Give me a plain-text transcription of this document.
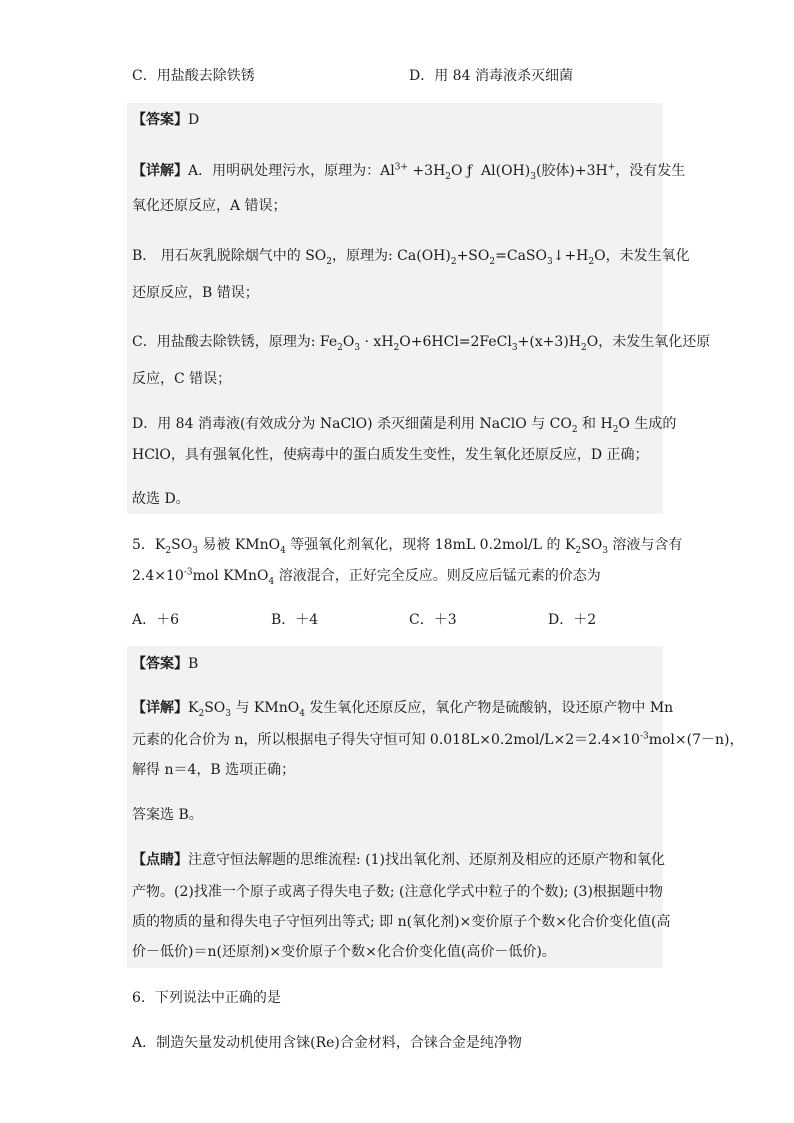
C．用盐酸去除铁锈	D．用 84 消毒液杀灭细菌
【答案】D
【详解】A．用明矾处理污水，原理为：$Al^{3+} +3H_2O$ ƒ  $Al(OH)_3$(胶体)+3H+，没有发生
氧化还原反应，A 错误；
B． 用石灰乳脱除烟气中的 $SO_2$，原理为: $Ca(OH)_2+SO_2=CaSO_3↓+H_2O$，未发生氧化
还原反应，B 错误；
C．用盐酸去除铁锈，原理为: $Fe_2O_3$ · $xH_2O+6HCl=2FeCl_3+(x+3)H_2O$，未发生氧化还原
反应，C 错误；
D．用 84 消毒液(有效成分为 NaClO) 杀灭细菌是利用 NaClO 与 $CO_2$ 和 $H_2O$ 生成的
HClO，具有强氧化性，使病毒中的蛋白质发生变性，发生氧化还原反应，D 正确；
故选 D。
5．$K_2SO_3$ 易被 KMnO$_4$ 等强氧化剂氧化，现将 18mL 0.2mol/L 的 $K_2SO_3$ 溶液与含有
$2.4\times 10^{-3}mol$ KMnO$_4$ 溶液混合，正好完全反应。则反应后锰元素的价态为
A．＋6	B．＋4	C．＋3	D．＋2
【答案】B
【详解】$K_2SO_3$ 与 KMnO$_4$ 发生氧化还原反应，氧化产物是硫酸钠，设还原产物中 Mn
元素的化合价为 n，所以根据电子得失守恒可知 $0.018L\times 0.2mol/L\times 2=2.4\times 10^{-3}mol\times(7-n)$，
解得 n＝4，B 选项正确；
答案选 B。
【点睛】注意守恒法解题的思维流程: (1)找出氧化剂、还原剂及相应的还原产物和氧化
产物。(2)找准一个原子或离子得失电子数; (注意化学式中粒子的个数); (3)根据题中物
质的物质的量和得失电子守恒列出等式; 即 n(氧化剂)×变价原子个数×化合价变化值(高
价－低价)＝n(还原剂)×变价原子个数×化合价变化值(高价－低价)。
6．下列说法中正确的是
A．制造矢量发动机使用含铼(Re)合金材料，合铼合金是纯净物
